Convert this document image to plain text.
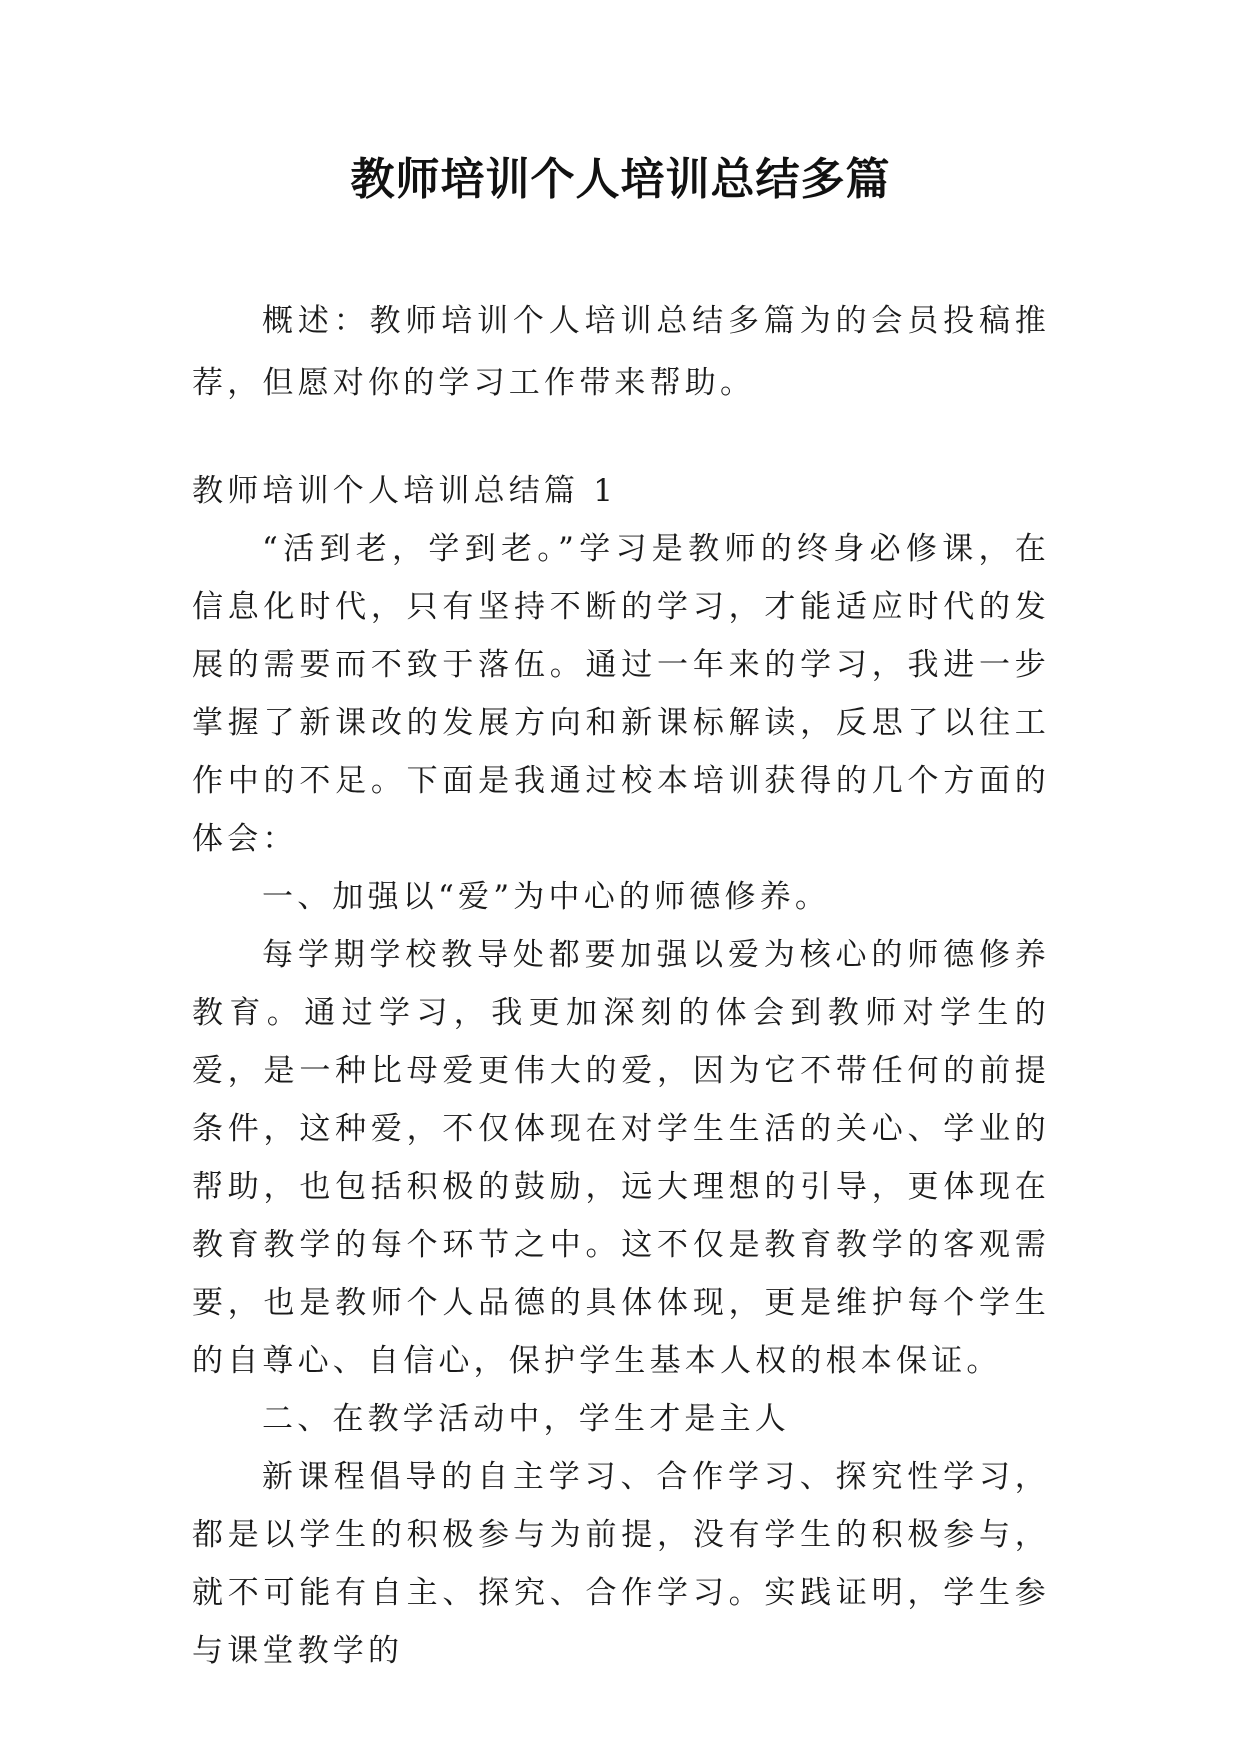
教师培训个人培训总结多篇

概述：教师培训个人培训总结多篇为的会员投稿推荐，但愿对你的学习工作带来帮助。

教师培训个人培训总结篇 1

“活到老，学到老。”学习是教师的终身必修课，在信息化时代，只有坚持不断的学习，才能适应时代的发展的需要而不致于落伍。通过一年来的学习，我进一步掌握了新课改的发展方向和新课标解读，反思了以往工作中的不足。下面是我通过校本培训获得的几个方面的体会：

一、加强以“爱”为中心的师德修养。

每学期学校教导处都要加强以爱为核心的师德修养教育。通过学习，我更加深刻的体会到教师对学生的爱，是一种比母爱更伟大的爱，因为它不带任何的前提条件，这种爱，不仅体现在对学生生活的关心、学业的帮助，也包括积极的鼓励，远大理想的引导，更体现在教育教学的每个环节之中。这不仅是教育教学的客观需要，也是教师个人品德的具体体现，更是维护每个学生的自尊心、自信心，保护学生基本人权的根本保证。

二、在教学活动中，学生才是主人

新课程倡导的自主学习、合作学习、探究性学习，都是以学生的积极参与为前提，没有学生的积极参与，就不可能有自主、探究、合作学习。实践证明，学生参与课堂教学的
